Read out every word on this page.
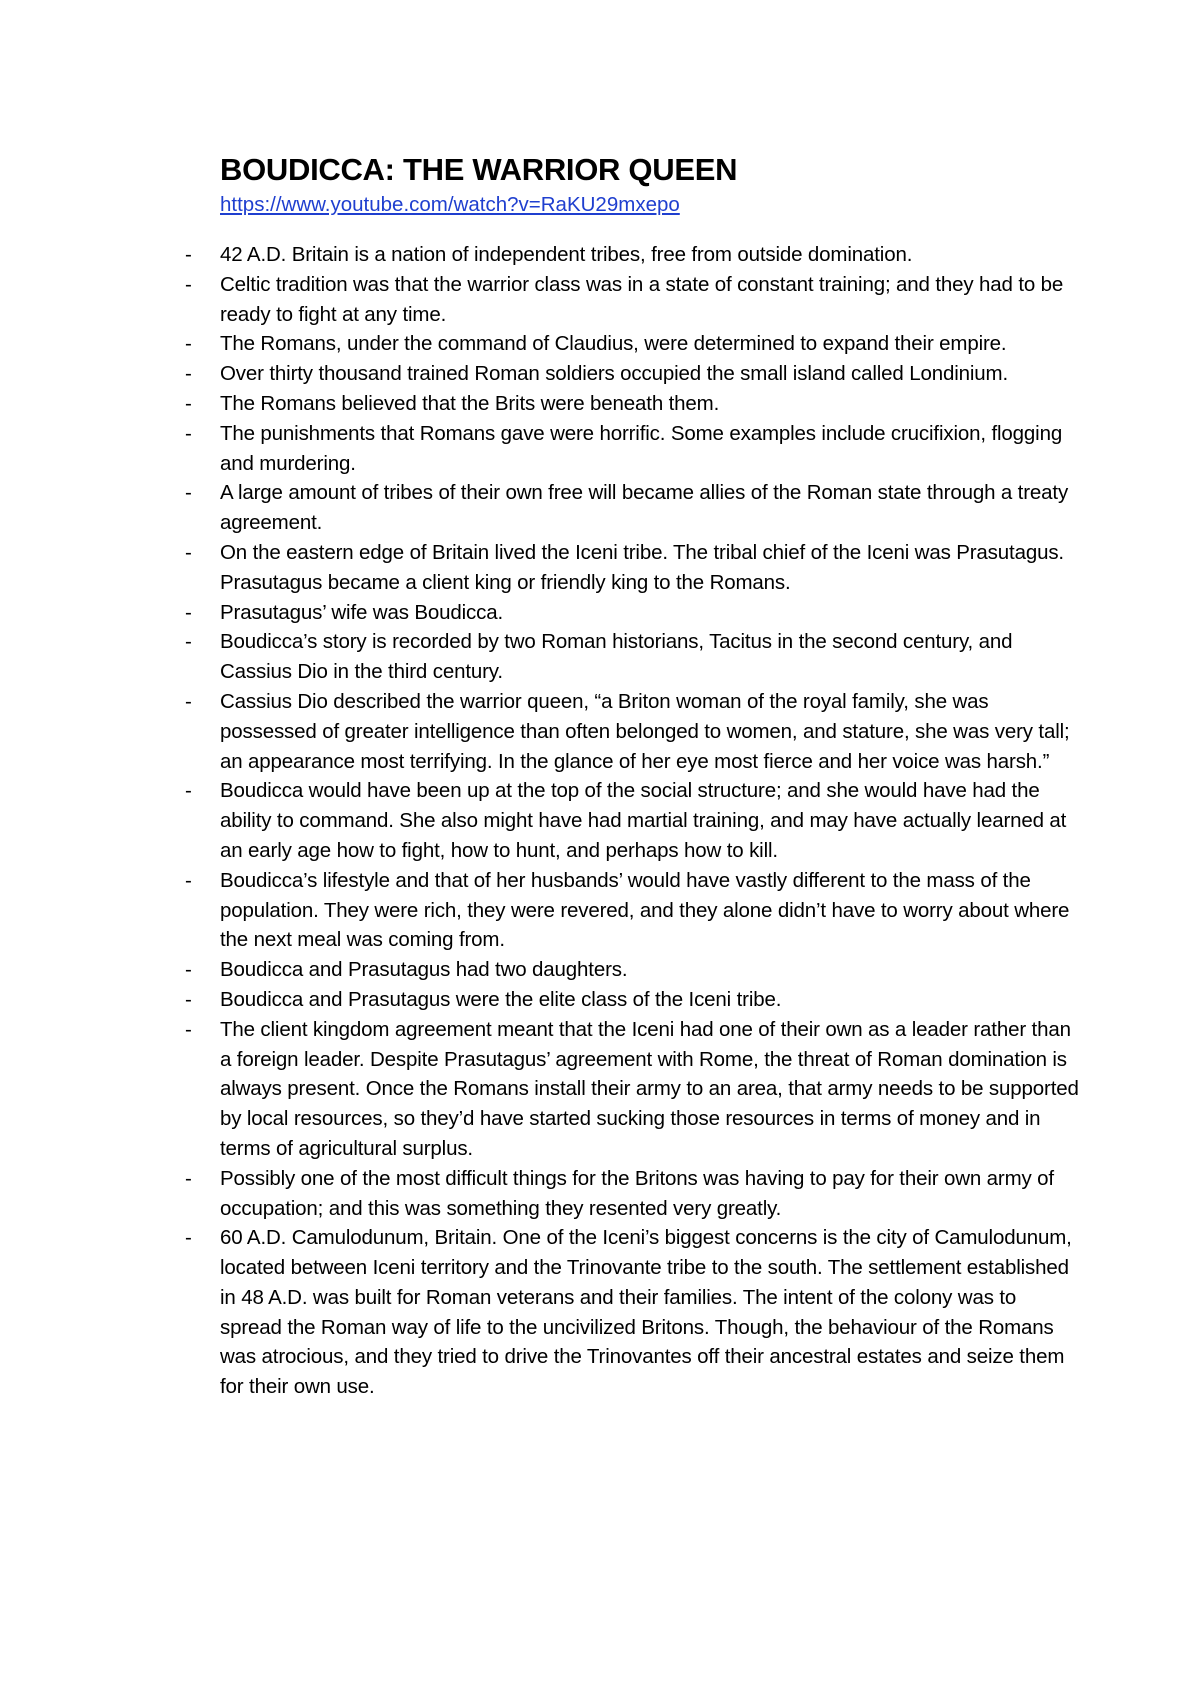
BOUDICCA: THE WARRIOR QUEEN
https://www.youtube.com/watch?v=RaKU29mxepo
-	42 A.D. Britain is a nation of independent tribes, free from outside domination.
-	Celtic tradition was that the warrior class was in a state of constant training; and they had to be ready to fight at any time.
-	The Romans, under the command of Claudius, were determined to expand their empire.
-	Over thirty thousand trained Roman soldiers occupied the small island called Londinium.
-	The Romans believed that the Brits were beneath them.
-	The punishments that Romans gave were horrific. Some examples include crucifixion, flogging and murdering.
-	A large amount of tribes of their own free will became allies of the Roman state through a treaty agreement.
-	On the eastern edge of Britain lived the Iceni tribe. The tribal chief of the Iceni was Prasutagus. Prasutagus became a client king or friendly king to the Romans.
-	Prasutagus’ wife was Boudicca.
-	Boudicca’s story is recorded by two Roman historians, Tacitus in the second century, and Cassius Dio in the third century.
-	Cassius Dio described the warrior queen, “a Briton woman of the royal family, she was possessed of greater intelligence than often belonged to women, and stature, she was very tall; an appearance most terrifying. In the glance of her eye most fierce and her voice was harsh.”
-	Boudicca would have been up at the top of the social structure; and she would have had the ability to command. She also might have had martial training, and may have actually learned at an early age how to fight, how to hunt, and perhaps how to kill.
-	Boudicca’s lifestyle and that of her husbands’ would have vastly different to the mass of the population. They were rich, they were revered, and they alone didn’t have to worry about where the next meal was coming from.
-	Boudicca and Prasutagus had two daughters.
-	Boudicca and Prasutagus were the elite class of the Iceni tribe.
-	The client kingdom agreement meant that the Iceni had one of their own as a leader rather than a foreign leader. Despite Prasutagus’ agreement with Rome, the threat of Roman domination is always present. Once the Romans install their army to an area, that army needs to be supported by local resources, so they’d have started sucking those resources in terms of money and in terms of agricultural surplus.
-	Possibly one of the most difficult things for the Britons was having to pay for their own army of occupation; and this was something they resented very greatly.
-	60 A.D. Camulodunum, Britain. One of the Iceni’s biggest concerns is the city of Camulodunum, located between Iceni territory and the Trinovante tribe to the south. The settlement established in 48 A.D. was built for Roman veterans and their families. The intent of the colony was to spread the Roman way of life to the uncivilized Britons. Though, the behaviour of the Romans was atrocious, and they tried to drive the Trinovantes off their ancestral estates and seize them for their own use.
